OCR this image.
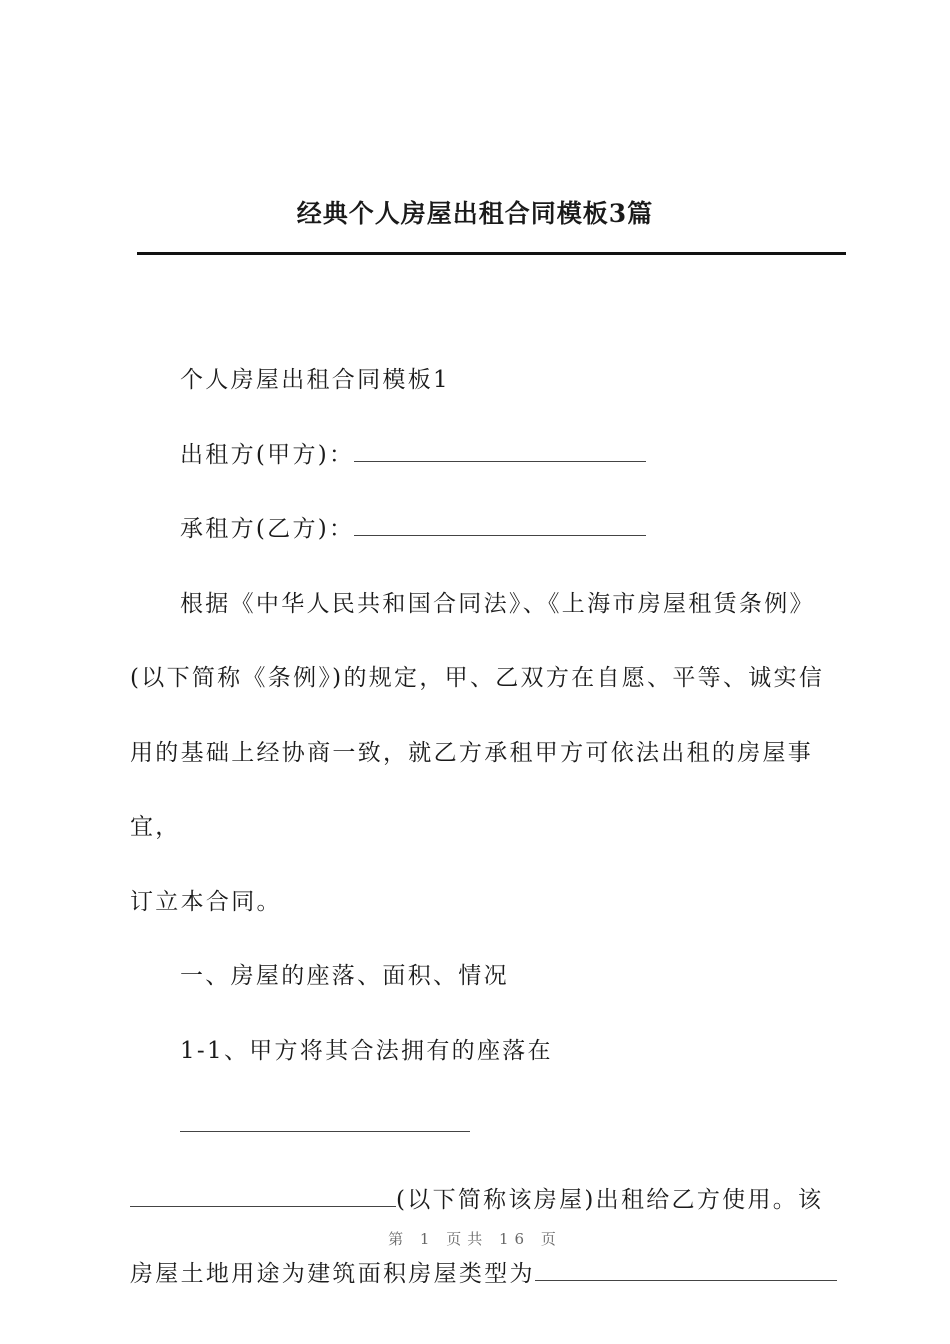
经典个人房屋出租合同模板3篇

个人房屋出租合同模板1

出租方(甲方)：

承租方(乙方)：

根据《中华人民共和国合同法》、《上海市房屋租赁条例》

(以下简称《条例》)的规定，甲、乙双方在自愿、平等、诚实信

用的基础上经协商一致，就乙方承租甲方可依法出租的房屋事宜，

订立本合同。

一、房屋的座落、面积、情况

1-1、甲方将其合法拥有的座落在

(以下简称该房屋)出租给乙方使用。该

房屋土地用途为建筑面积房屋类型为

第 1 页共 16 页
